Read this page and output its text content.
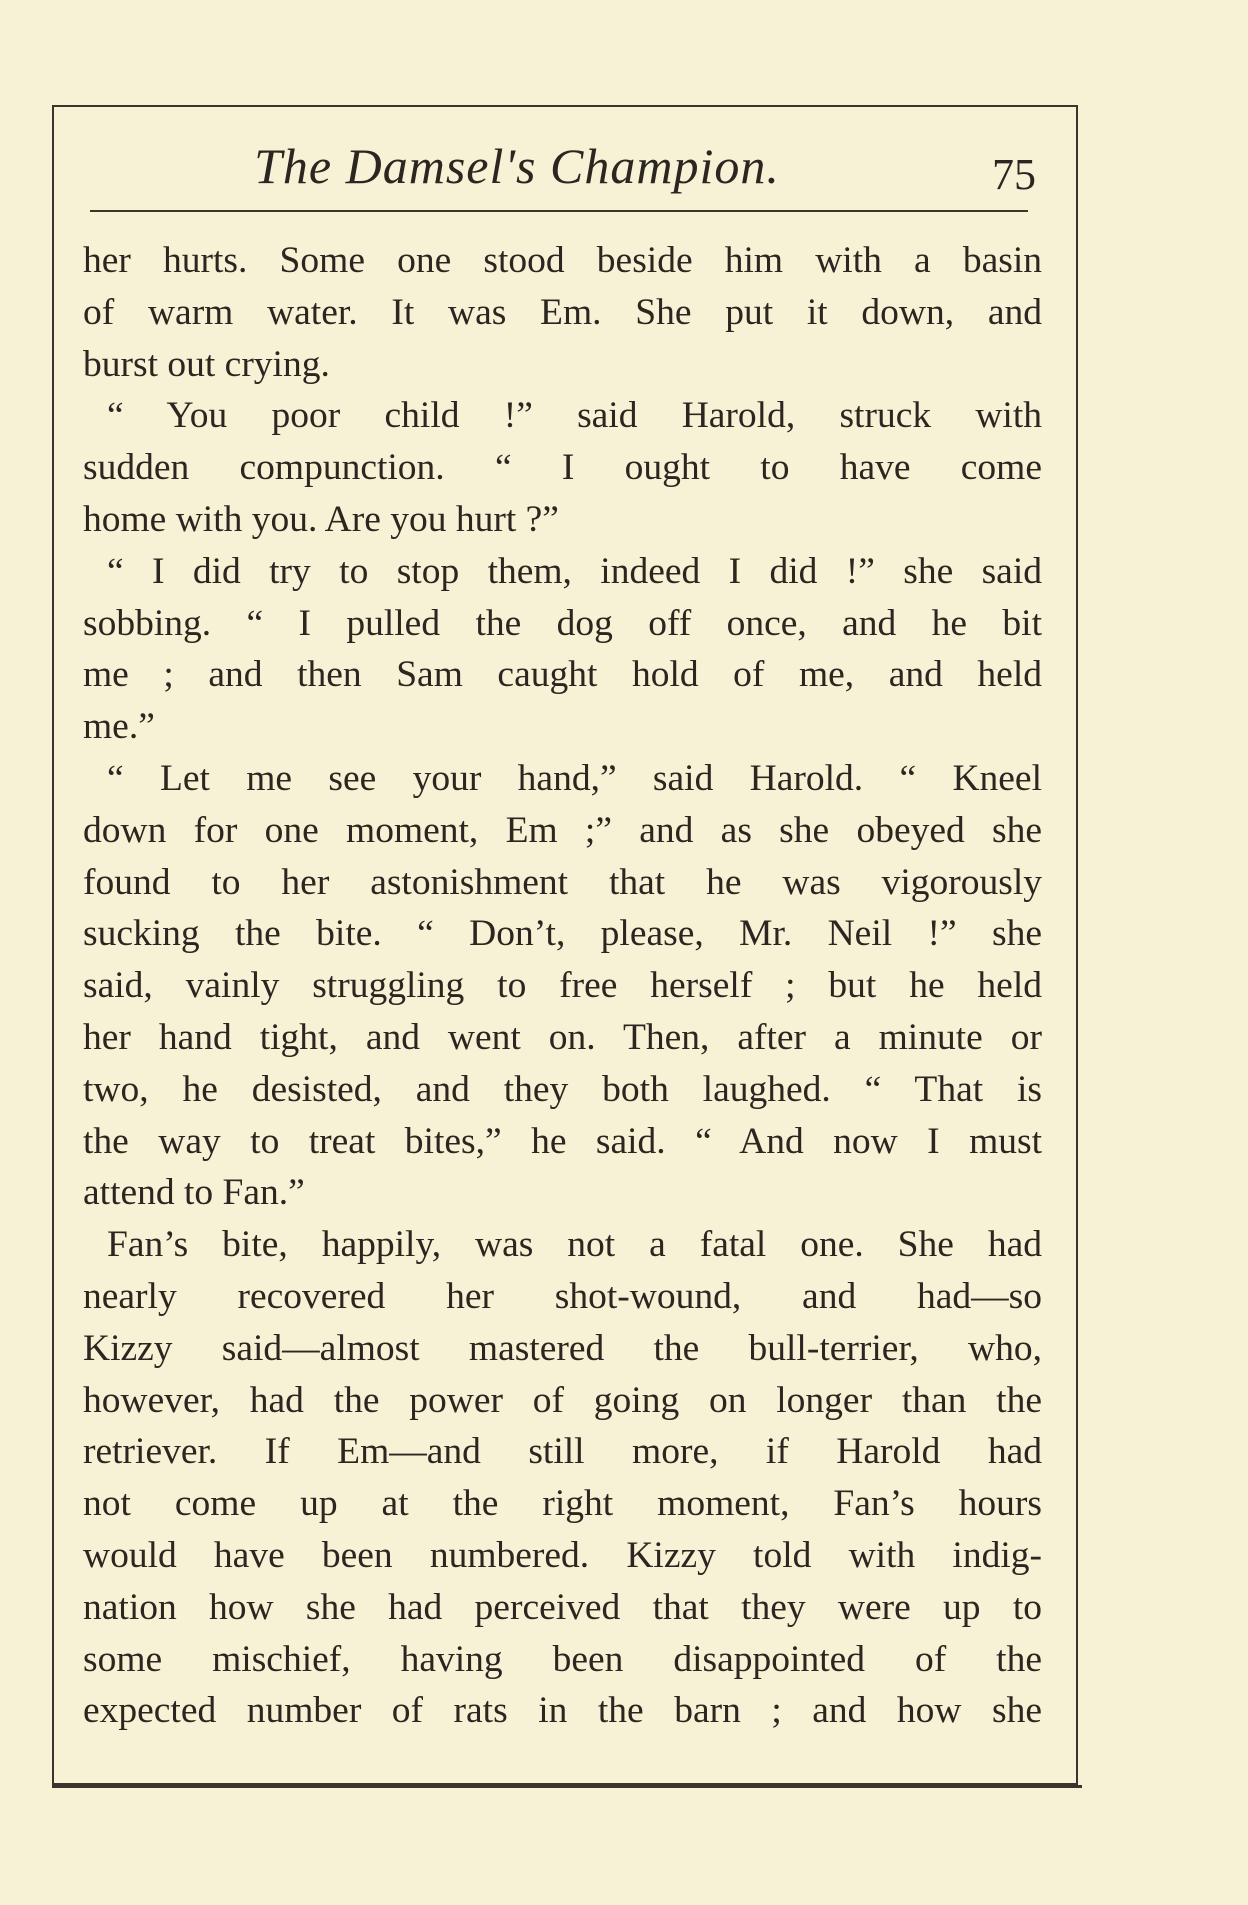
The Damsel's Champion.	75
her hurts. Some one stood beside him with a basin
of warm water. It was Em. She put it down, and
burst out crying.
“ You poor child !” said Harold, struck with
sudden compunction. “ I ought to have come
home with you. Are you hurt ?”
“ I did try to stop them, indeed I did !” she said
sobbing. “ I pulled the dog off once, and he bit
me ; and then Sam caught hold of me, and held
me.”
“ Let me see your hand,” said Harold. “ Kneel
down for one moment, Em ;” and as she obeyed she
found to her astonishment that he was vigorously
sucking the bite. “ Don’t, please, Mr. Neil !” she
said, vainly struggling to free herself ; but he held
her hand tight, and went on. Then, after a minute or
two, he desisted, and they both laughed. “ That is
the way to treat bites,” he said. “ And now I must
attend to Fan.”
Fan’s bite, happily, was not a fatal one. She had
nearly recovered her shot-wound, and had—so
Kizzy said—almost mastered the bull-terrier, who,
however, had the power of going on longer than the
retriever. If Em—and still more, if Harold had
not come up at the right moment, Fan’s hours
would have been numbered. Kizzy told with indig-
nation how she had perceived that they were up to
some mischief, having been disappointed of the
expected number of rats in the barn ; and how she
